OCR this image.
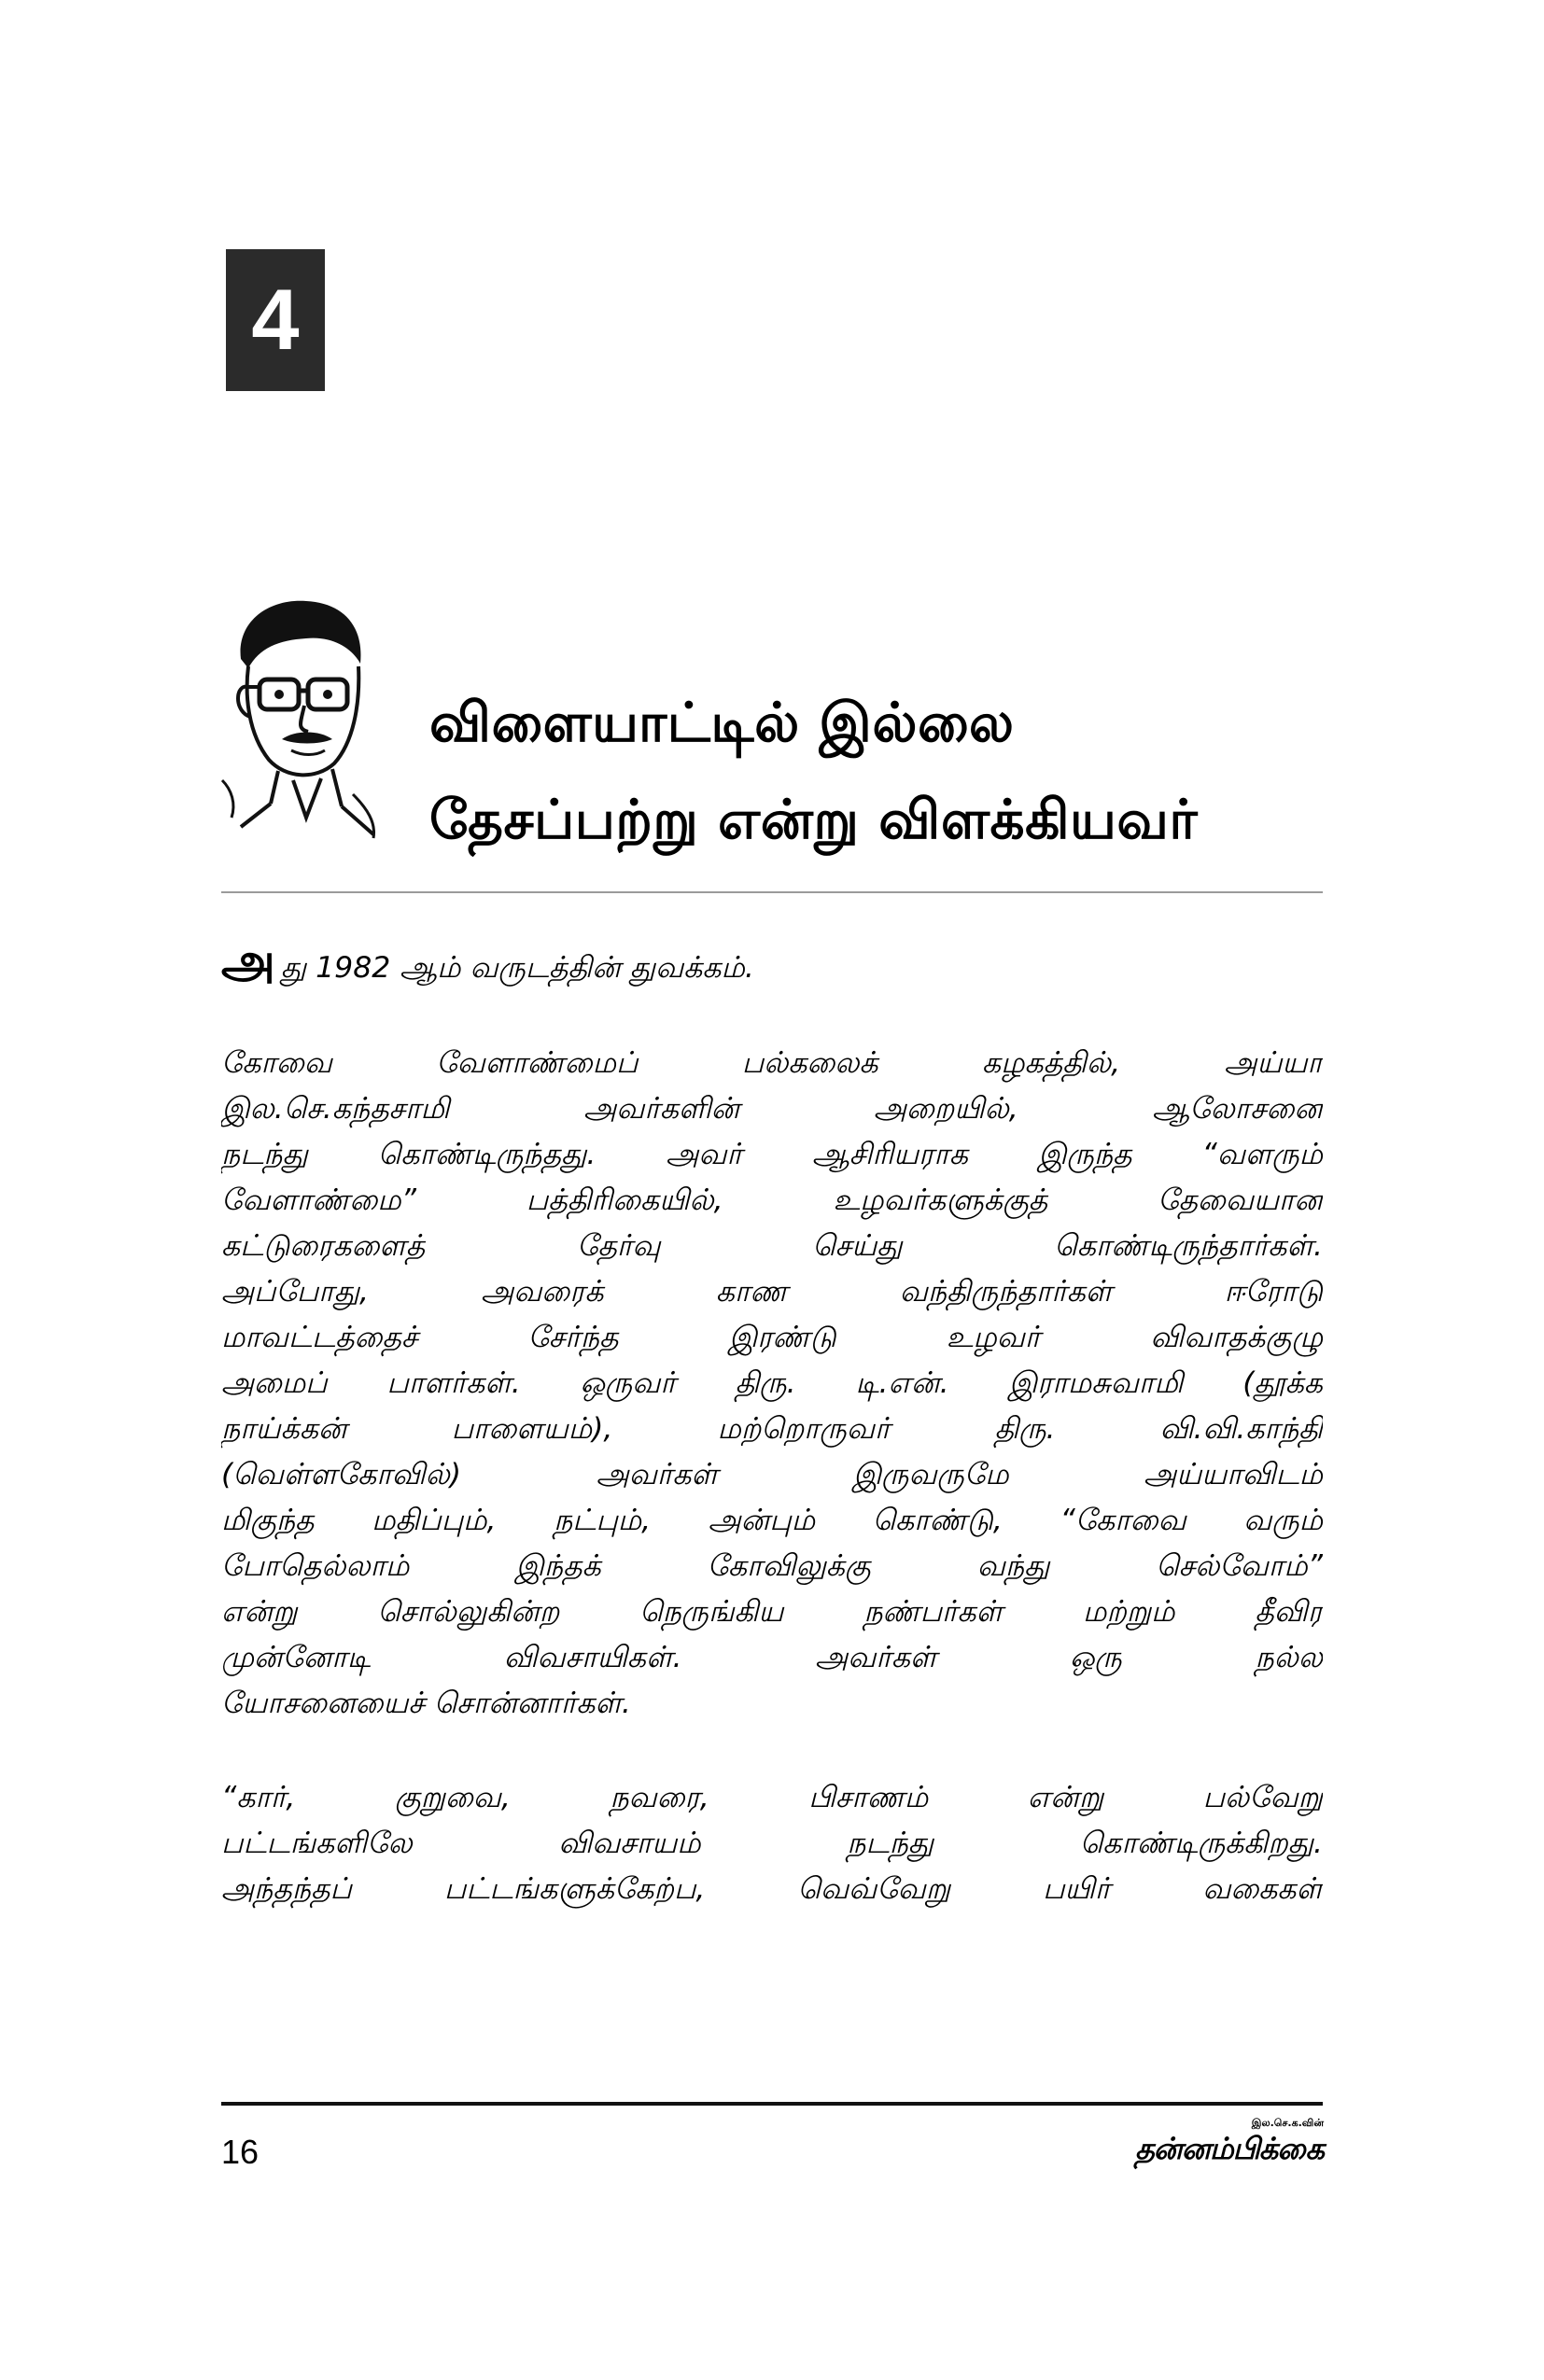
4
விளையாட்டில் இல்லை
தேசப்பற்று என்று விளக்கியவர்
அது 1982 ஆம் வருடத்தின் துவக்கம்.
கோவை வேளாண்மைப் பல்கலைக் கழகத்தில், அய்யா
இல.செ.கந்தசாமி அவர்களின் அறையில், ஆலோசனை
நடந்து கொண்டிருந்தது. அவர் ஆசிரியராக இருந்த “வளரும்
வேளாண்மை” பத்திரிகையில், உழவர்களுக்குத் தேவையான
கட்டுரைகளைத் தேர்வு செய்து கொண்டிருந்தார்கள்.
அப்போது, அவரைக் காண வந்திருந்தார்கள் ஈரோடு
மாவட்டத்தைச் சேர்ந்த இரண்டு உழவர் விவாதக்குழு
அமைப் பாளர்கள். ஒருவர் திரு. டி.என். இராமசுவாமி (தூக்க
நாய்க்கன் பாளையம்), மற்றொருவர் திரு. வி.வி.காந்தி
(வெள்ளகோவில்) அவர்கள் இருவருமே அய்யாவிடம்
மிகுந்த மதிப்பும், நட்பும், அன்பும் கொண்டு, “கோவை வரும்
போதெல்லாம் இந்தக் கோவிலுக்கு வந்து செல்வோம்”
என்று சொல்லுகின்ற நெருங்கிய நண்பர்கள் மற்றும் தீவிர
முன்னோடி விவசாயிகள். அவர்கள் ஒரு நல்ல
யோசனையைச் சொன்னார்கள்.
“கார், குறுவை, நவரை, பிசாணம் என்று பல்வேறு
பட்டங்களிலே விவசாயம் நடந்து கொண்டிருக்கிறது.
அந்தந்தப் பட்டங்களுக்கேற்ப, வெவ்வேறு பயிர் வகைகள்
16
இல.செ.க.வின்
தன்னம்பிக்கை
